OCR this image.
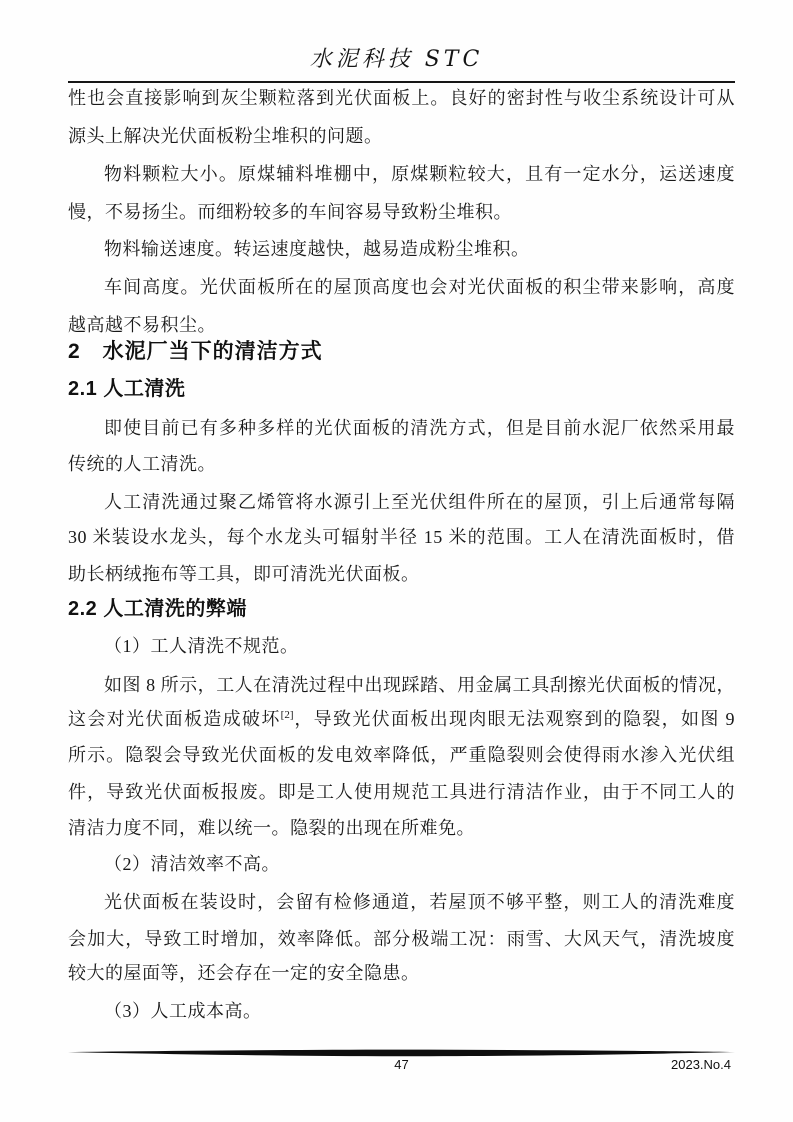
水泥科技 STC
性也会直接影响到灰尘颗粒落到光伏面板上。良好的密封性与收尘系统设计可从
源头上解决光伏面板粉尘堆积的问题。
物料颗粒大小。原煤辅料堆棚中，原煤颗粒较大，且有一定水分，运送速度
慢，不易扬尘。而细粉较多的车间容易导致粉尘堆积。
物料输送速度。转运速度越快，越易造成粉尘堆积。
车间高度。光伏面板所在的屋顶高度也会对光伏面板的积尘带来影响，高度
越高越不易积尘。
2　水泥厂当下的清洁方式
2.1 人工清洗
即使目前已有多种多样的光伏面板的清洗方式，但是目前水泥厂依然采用最
传统的人工清洗。
人工清洗通过聚乙烯管将水源引上至光伏组件所在的屋顶，引上后通常每隔
30 米装设水龙头，每个水龙头可辐射半径 15 米的范围。工人在清洗面板时，借
助长柄绒拖布等工具，即可清洗光伏面板。
2.2 人工清洗的弊端
（1）工人清洗不规范。
如图 8 所示，工人在清洗过程中出现踩踏、用金属工具刮擦光伏面板的情况，
这会对光伏面板造成破坏[2]，导致光伏面板出现肉眼无法观察到的隐裂，如图 9
所示。隐裂会导致光伏面板的发电效率降低，严重隐裂则会使得雨水渗入光伏组
件，导致光伏面板报废。即是工人使用规范工具进行清洁作业，由于不同工人的
清洁力度不同，难以统一。隐裂的出现在所难免。
（2）清洁效率不高。
光伏面板在装设时，会留有检修通道，若屋顶不够平整，则工人的清洗难度
会加大，导致工时增加，效率降低。部分极端工况：雨雪、大风天气，清洗坡度
较大的屋面等，还会存在一定的安全隐患。
（3）人工成本高。
47	2023.No.4
